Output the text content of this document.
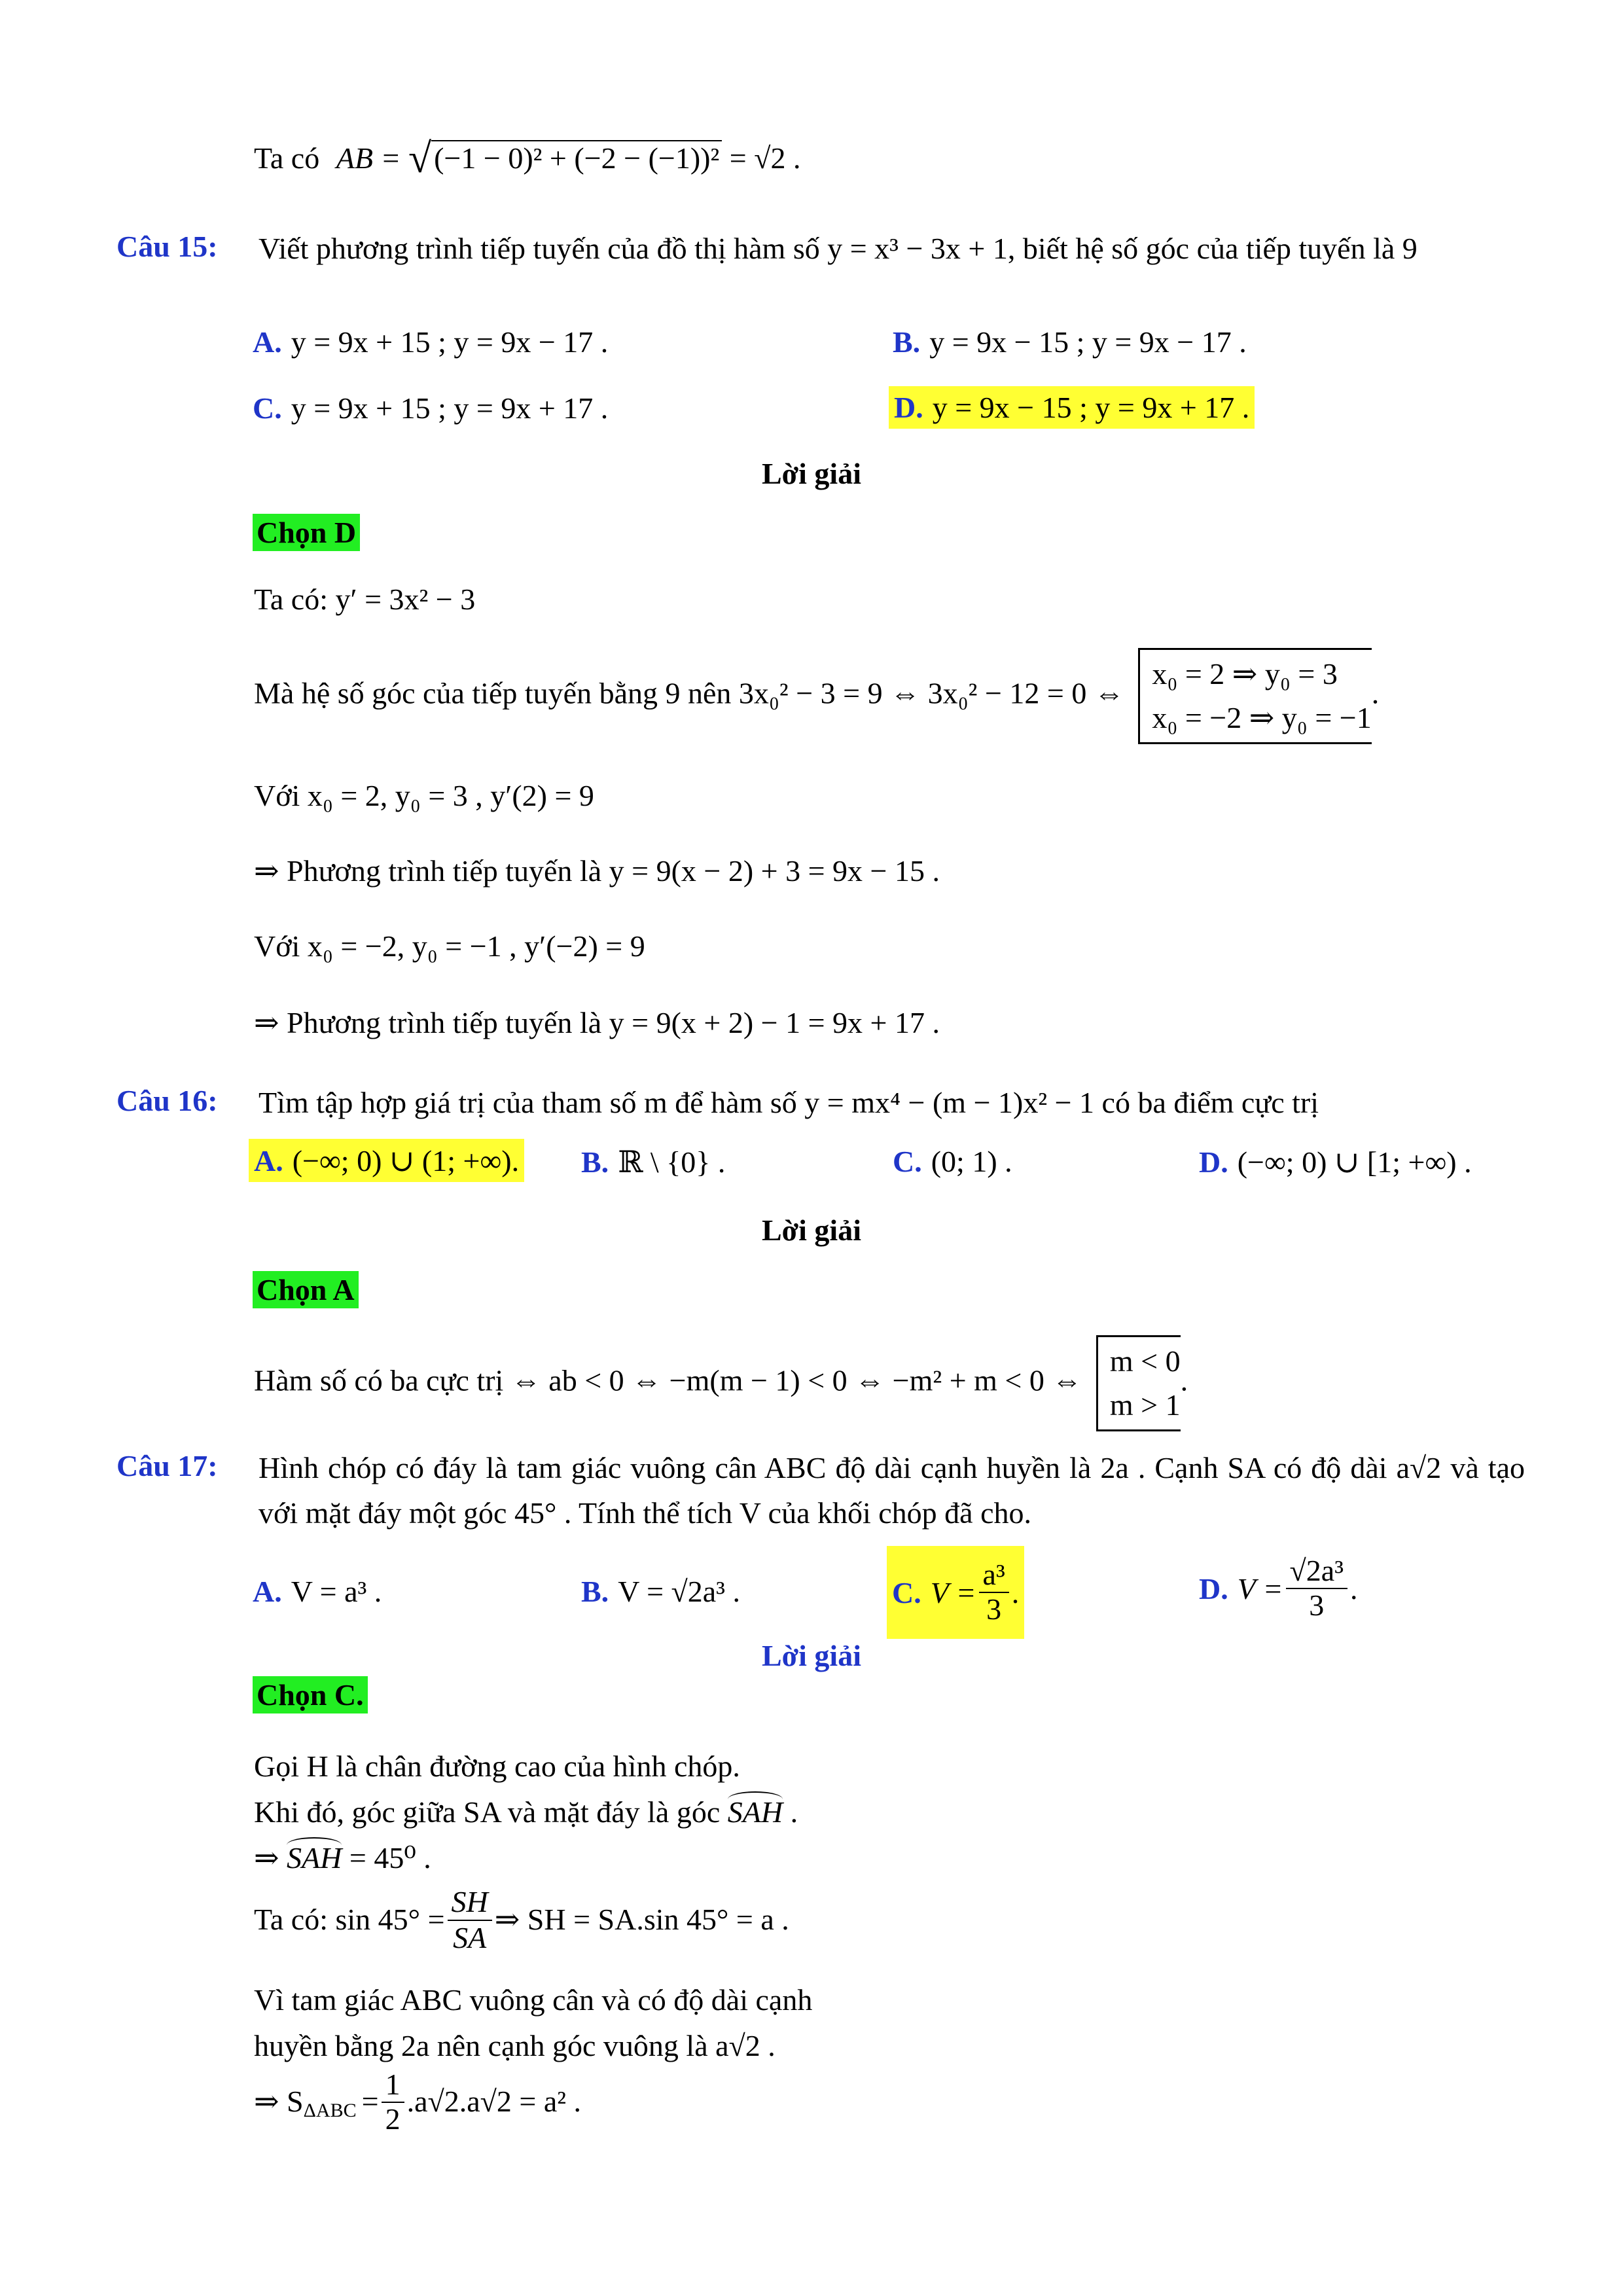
Ta có AB = √(−1 − 0)² + (−2 − (−1))² = √2 .
Câu 15: Viết phương trình tiếp tuyến của đồ thị hàm số y = x³ − 3x + 1, biết hệ số góc của tiếp tuyến là 9
A. y = 9x + 15 ; y = 9x − 17 .	B. y = 9x − 15 ; y = 9x − 17 .
C. y = 9x + 15 ; y = 9x + 17 .	D. y = 9x − 15 ; y = 9x + 17 .
Lời giải
Chọn D
Ta có: y′ = 3x² − 3
Mà hệ số góc của tiếp tuyến bằng 9 nên 3x₀² − 3 = 9 ⇔ 3x₀² − 12 = 0 ⇔ x₀ = 2 ⇒ y₀ = 3
x₀ = −2 ⇒ y₀ = −1.
Với x₀ = 2, y₀ = 3 , y′(2) = 9
⇒ Phương trình tiếp tuyến là y = 9(x − 2) + 3 = 9x − 15 .
Với x₀ = −2, y₀ = −1 , y′(−2) = 9
⇒ Phương trình tiếp tuyến là y = 9(x + 2) − 1 = 9x + 17 .
Câu 16: Tìm tập hợp giá trị của tham số m để hàm số y = mx⁴ − (m − 1)x² − 1 có ba điểm cực trị
A. (−∞; 0) ∪ (1; +∞). B. ℝ \ {0} .	C. (0; 1) .	D. (−∞; 0) ∪ [1; +∞) .
Lời giải
Chọn A
Hàm số có ba cực trị ⇔ ab < 0 ⇔ −m(m − 1) < 0 ⇔ −m² + m < 0 ⇔ m < 0
m > 1.
Câu 17: Hình chóp có đáy là tam giác vuông cân ABC độ dài cạnh huyền là 2a . Cạnh SA có độ dài a√2 và tạo với mặt đáy một góc 45° . Tính thể tích V của khối chóp đã cho.
A. V = a³ .	B. V = √2a³ .	C. $V = \frac{\text{a³}}{3}$ .	D. $V = \frac{\text{√2a³}}{3}$ .
Lời giải
Chọn C.
Gọi H là chân đường cao của hình chóp.
Khi đó, góc giữa SA và mặt đáy là góc SAH .
⇒ SAH = 45⁰ .
Ta có: $\sin 45^\circ = \frac{SH}{SA}$ ⇒ SH = SA.sin 45° = a .
Vì tam giác ABC vuông cân và có độ dài cạnh
huyền bằng 2a nên cạnh góc vuông là a√2 .
⇒ S $\Delta ABC = \frac{1}{2} .a√2.a√2 = a^2$ .
